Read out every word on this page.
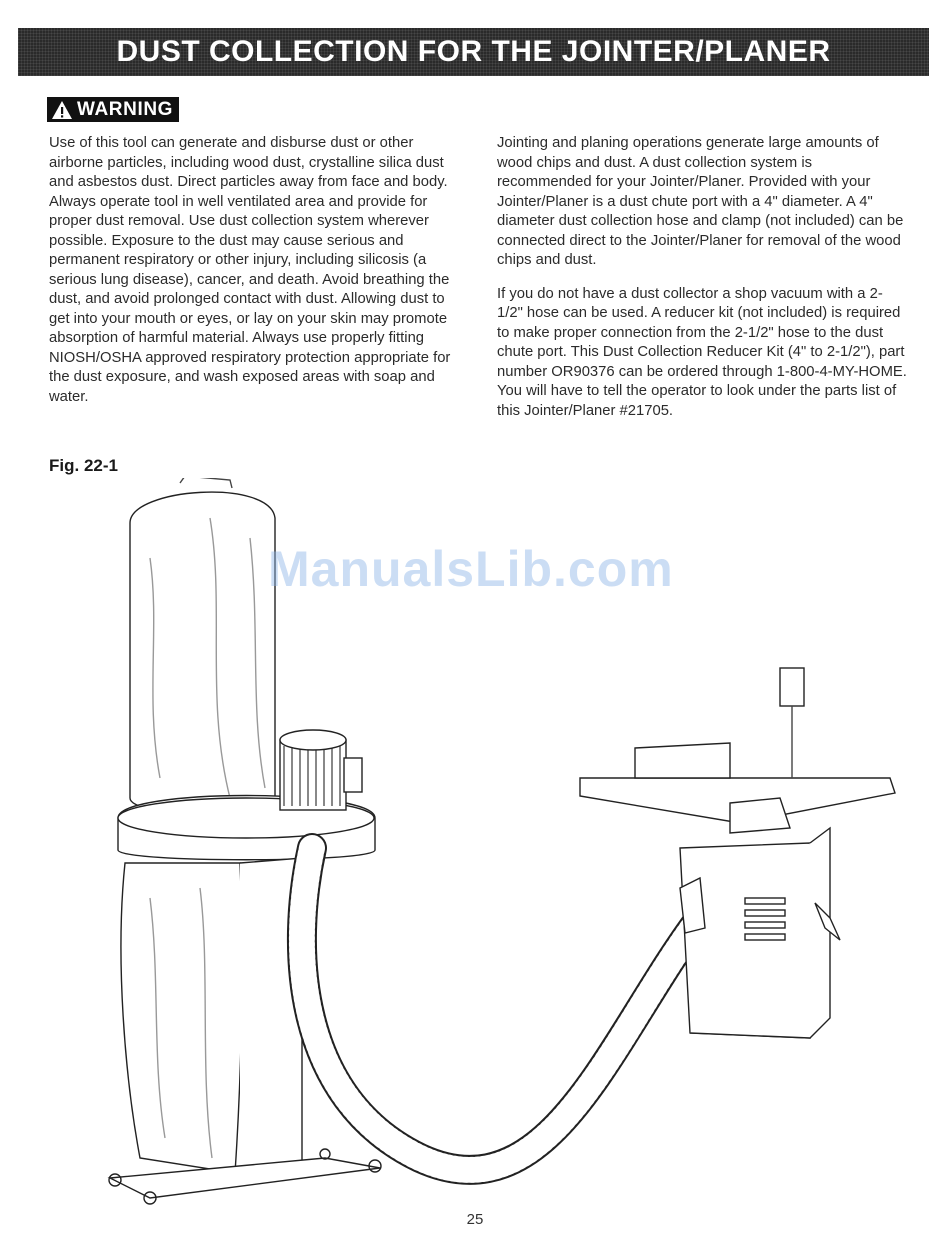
DUST COLLECTION FOR THE JOINTER/PLANER
WARNING

Use of this tool can generate and disburse dust or other airborne particles, including wood dust, crystalline silica dust and asbestos dust. Direct particles away from face and body. Always operate tool in well ventilated area and provide for proper dust removal. Use dust collection system wherever possible. Exposure to the dust may cause serious and permanent respiratory or other injury, including silicosis (a serious lung disease), cancer, and death. Avoid breathing the dust, and avoid prolonged contact with dust. Allowing dust to get into your mouth or eyes, or lay on your skin may promote absorption of harmful material. Always use properly fitting NIOSH/OSHA approved respiratory protection appropriate for the dust exposure, and wash exposed areas with soap and water.

Jointing and planing operations generate large amounts of wood chips and dust. A dust collection system is recommended for your Jointer/Planer. Provided with your Jointer/Planer is a dust chute port with a 4" diameter. A 4" diameter dust collection hose and clamp (not included) can be connected direct to the Jointer/Planer for removal of the wood chips and dust.

If you do not have a dust collector a shop vacuum with a 2-1/2" hose can be used. A reducer kit (not included) is required to make proper connection from the 2-1/2" hose to the dust chute port. This Dust Collection Reducer Kit (4" to 2-1/2"), part number OR90376 can be ordered through 1-800-4-MY-HOME. You will have to tell the operator to look under the parts list of this Jointer/Planer #21705.

Fig. 22-1
ManualsLib.com
25
